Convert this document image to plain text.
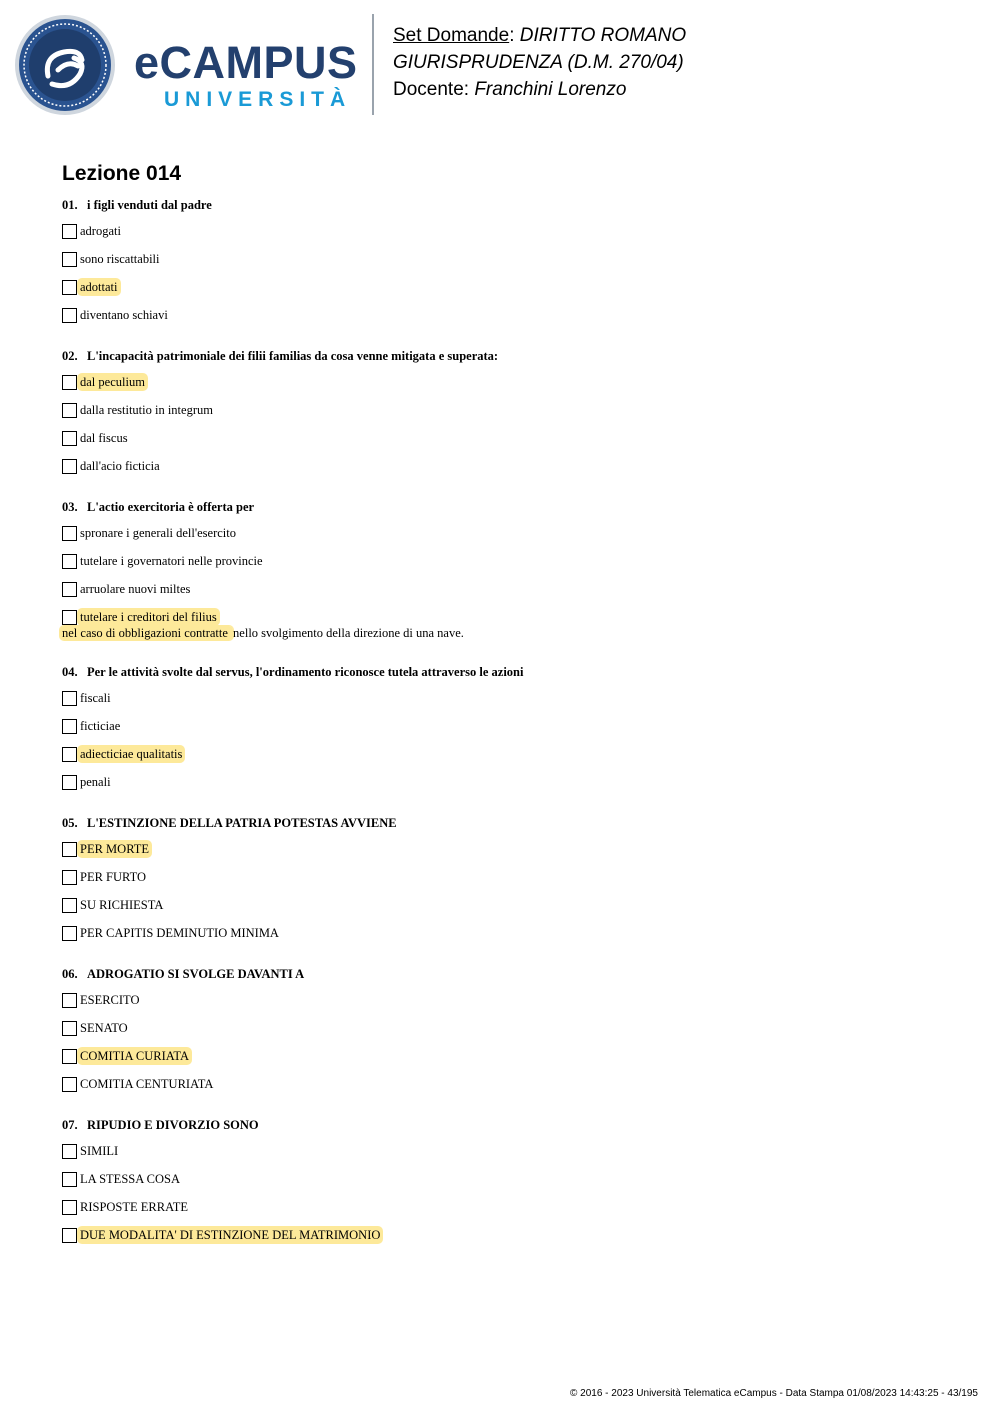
eCAMPUS
UNIVERSITÀ
Set Domande: DIRITTO ROMANO
GIURISPRUDENZA (D.M. 270/04)
Docente: Franchini Lorenzo
Lezione 014
01. i figli venduti dal padre
adrogati
sono riscattabili
adottati
diventano schiavi
02. L'incapacità patrimoniale dei filii familias da cosa venne mitigata e superata:
dal peculium
dalla restitutio in integrum
dal fiscus
dall'acio ficticia
03. L'actio exercitoria è offerta per
spronare i generali dell'esercito
tutelare i governatori nelle provincie
arruolare nuovi miltes
tutelare i creditori del filius
nel caso di obbligazioni contratte nello svolgimento della direzione di una nave.
04. Per le attività svolte dal servus, l'ordinamento riconosce tutela attraverso le azioni
fiscali
ficticiae
adiecticiae qualitatis
penali
05. L'ESTINZIONE DELLA PATRIA POTESTAS AVVIENE
PER MORTE
PER FURTO
SU RICHIESTA
PER CAPITIS DEMINUTIO MINIMA
06. ADROGATIO SI SVOLGE DAVANTI A
ESERCITO
SENATO
COMITIA CURIATA
COMITIA CENTURIATA
07. RIPUDIO E DIVORZIO SONO
SIMILI
LA STESSA COSA
RISPOSTE ERRATE
DUE MODALITA' DI ESTINZIONE DEL MATRIMONIO
© 2016 - 2023 Università Telematica eCampus - Data Stampa 01/08/2023 14:43:25 - 43/195
